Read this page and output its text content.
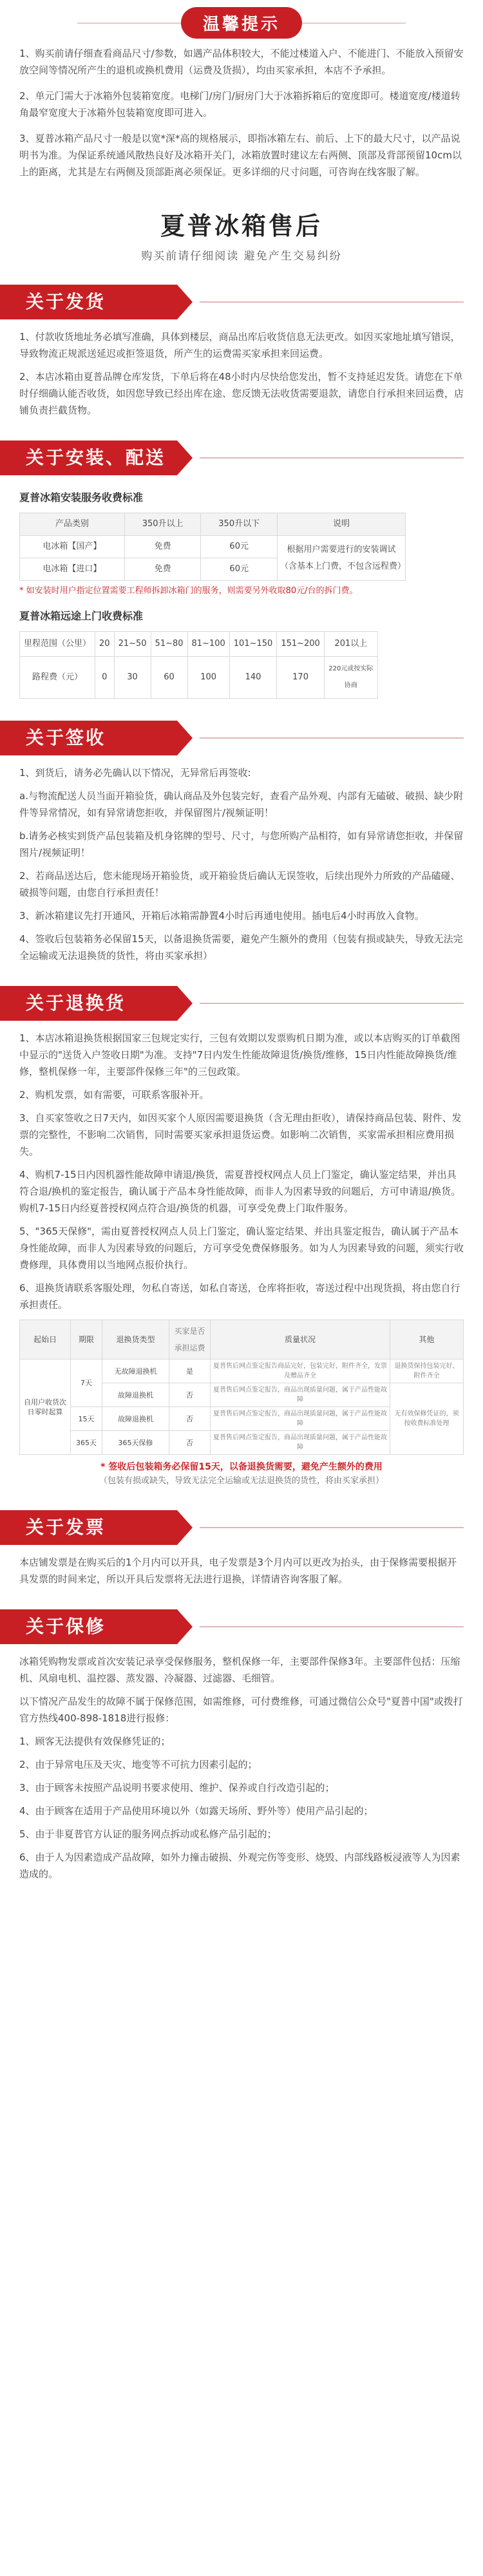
温馨提示

1、购买前请仔细查看商品尺寸/参数，如遇产品体积较大，不能过楼道入户、不能进门、不能放入预留安放空间等情况所产生的退机或换机费用（运费及货损），均由买家承担，本店不予承担。

2、单元门需大于冰箱外包装箱宽度。电梯门/房门/厨房门大于冰箱拆箱后的宽度即可。楼道宽度/楼道转角最窄宽度大于冰箱外包装箱宽度即可进入。

3、夏普冰箱产品尺寸一般是以宽*深*高的规格展示，即指冰箱左右、前后、上下的最大尺寸，以产品说明书为准。为保证系统通风散热良好及冰箱开关门，冰箱放置时建议左右两侧、顶部及背部预留10cm以上的距离，尤其是左右两侧及顶部距离必须保证。更多详细的尺寸问题，可咨询在线客服了解。

夏普冰箱售后
购买前请仔细阅读 避免产生交易纠纷
关于发货

1、付款收货地址务必填写准确，具体到楼层，商品出库后收货信息无法更改。如因买家地址填写错误，导致物流正规派送延迟或拒签退货，所产生的运费需买家承担来回运费。

2、本店冰箱由夏普品牌仓库发货，下单后将在48小时内尽快给您发出，暂不支持延迟发货。请您在下单时仔细确认能否收货，如因您导致已经出库在途、您反馈无法收货需要退款，请您自行承担来回运费，店铺负责拦截货物。

关于安装、配送
夏普冰箱安装服务收费标准
产品类别	350升以上	350升以下	说明
电冰箱【国产】	免费	60元	根据用户需要进行的安装调试（含基本上门费，不包含远程费）
电冰箱【进口】	免费	60元	
* 如安装时用户指定位置需要工程师拆卸冰箱门的服务，则需要另外收取80元/台的拆门费。
夏普冰箱远途上门收费标准
里程范围（公里）	20	21~50	51~80	81~100	101~150	151~200	201以上
路程费（元）	0	30	60	100	140	170	220元或按实际协商
关于签收

1、到货后，请务必先确认以下情况，无异常后再签收:

a.与物流配送人员当面开箱验货，确认商品及外包装完好，查看产品外观、内部有无磕破、破损、缺少附件等异常情况，如有异常请您拒收，并保留图片/视频证明！

b.请务必核实到货产品包装箱及机身铭牌的型号、尺寸，与您所购产品相符，如有异常请您拒收，并保留图片/视频证明！

2、若商品送达后，您未能现场开箱验货，或开箱验货后确认无误签收，后续出现外力所致的产品磕碰、破损等问题，由您自行承担责任！

3、新冰箱建议先打开通风，开箱后冰箱需静置4小时后再通电使用。插电后4小时再放入食物。

4、签收后包装箱务必保留15天，以备退换货需要，避免产生额外的费用（包装有损或缺失，导致无法完全运输或无法退换货的货性，将由买家承担）

关于退换货

1、本店冰箱退换货根据国家三包规定实行，三包有效期以发票购机日期为准，或以本店购买的订单截图中显示的"送货入户签收日期"为准。支持"7日内发生性能故障退货/换货/维修，15日内性能故障换货/维修，整机保修一年，主要部件保修三年"的三包政策。

2、购机发票，如有需要，可联系客服补开。

3、自买家签收之日7天内，如因买家个人原因需要退换货（含无理由拒收），请保持商品包装、附件、发票的完整性，不影响二次销售，同时需要买家承担退货运费。如影响二次销售，买家需承担相应费用损失。

4、购机7-15日内因机器性能故障申请退/换货，需夏普授权网点人员上门鉴定，确认鉴定结果，并出具符合退/换机的鉴定报告，确认属于产品本身性能故障，而非人为因素导致的问题后，方可申请退/换货。购机7-15日内经夏普授权网点符合退/换货的机器，可享受免费上门取件服务。

5、"365天保修"，需由夏普授权网点人员上门鉴定，确认鉴定结果、并出具鉴定报告，确认属于产品本身性能故障，而非人为因素导致的问题后，方可享受免费保修服务。如为人为因素导致的问题，须实行收费修理，具体费用以当地网点报价执行。

6、退换货请联系客服处理，勿私自寄送，如私自寄送，仓库将拒收，寄送过程中出现货损，将由您自行承担责任。

起始日	期限	退换货类型	买家是否承担运费	质量状况	其他
自用户收货次日零时起算	7天	无故障退换机	是	夏普售后网点鉴定报告商品完好，包装完好，附件齐全，发票及赠品齐全	退换货保持包装完好，附件齐全
		故障退换机	否	夏普售后网点鉴定报告，商品出现质量问题，属于产品性能故障	无有效保修凭证的，须按收费标准处理
	15天	故障退换机	否	夏普售后网点鉴定报告，商品出现质量问题，属于产品性能故障	
	365天	365天保修	否	夏普售后网点鉴定报告，商品出现质量问题，属于产品性能故障	
* 签收后包装箱务必保留15天，以备退换货需要，避免产生额外的费用
（包装有损或缺失，导致无法完全运输或无法退换货的货性，将由买家承担）
关于发票

本店铺发票是在购买后的1个月内可以开具，电子发票是3个月内可以更改为抬头，由于保修需要根据开具发票的时间来定，所以开具后发票将无法进行退换，详情请咨询客服了解。

关于保修

冰箱凭购物发票或首次安装记录享受保修服务，整机保修一年，主要部件保修3年。主要部件包括：压缩机、风扇电机、温控器、蒸发器、冷凝器、过滤器、毛细管。

以下情况产品发生的故障不属于保修范围，如需维修，可付费维修，可通过微信公众号"夏普中国"或拨打官方热线400-898-1818进行报修：

1、顾客无法提供有效保修凭证的；

2、由于异常电压及天灾、地变等不可抗力因素引起的；

3、由于顾客未按照产品说明书要求使用、维护、保养或自行改造引起的；

4、由于顾客在适用于产品使用环境以外（如露天场所、野外等）使用产品引起的；

5、由于非夏普官方认证的服务网点拆动或私修产品引起的；

6、由于人为因素造成产品故障，如外力撞击破损、外观完伤等变形、烧毁、内部线路板浸液等人为因素造成的。
